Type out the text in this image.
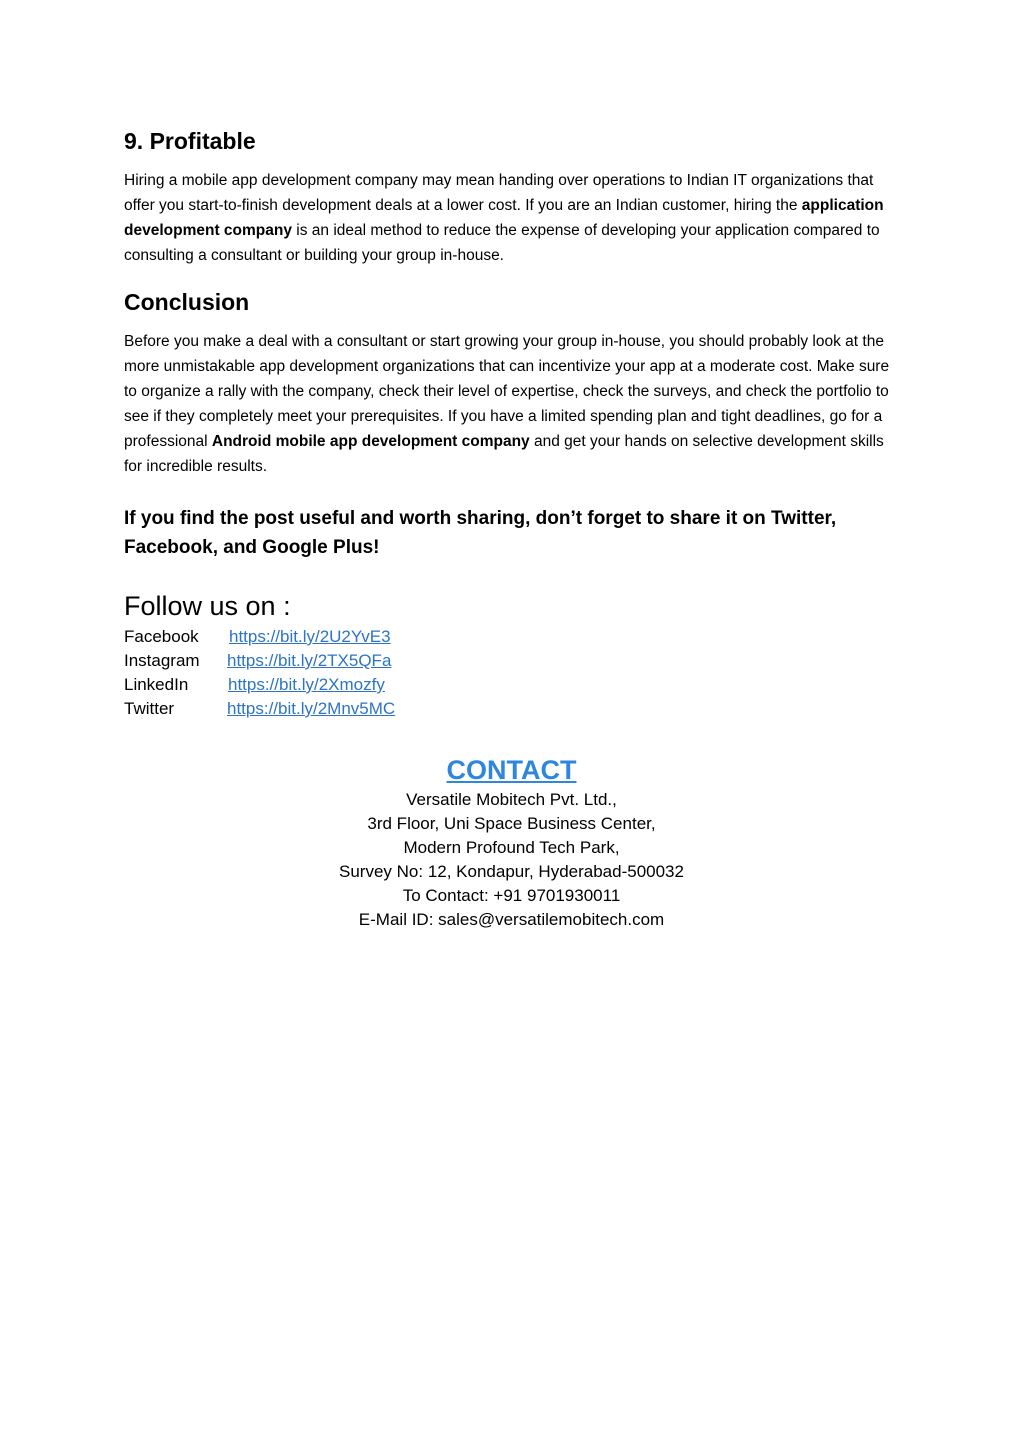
9. Profitable

Hiring a mobile app development company may mean handing over operations to Indian IT organizations that offer you start-to-finish development deals at a lower cost. If you are an Indian customer, hiring the application development company is an ideal method to reduce the expense of developing your application compared to consulting a consultant or building your group in-house.

Conclusion

Before you make a deal with a consultant or start growing your group in-house, you should probably look at the more unmistakable app development organizations that can incentivize your app at a moderate cost. Make sure to organize a rally with the company, check their level of expertise, check the surveys, and check the portfolio to see if they completely meet your prerequisites. If you have a limited spending plan and tight deadlines, go for a professional Android mobile app development company and get your hands on selective development skills for incredible results.

If you find the post useful and worth sharing, don’t forget to share it on Twitter, Facebook, and Google Plus!

Follow us on :
Facebook	https://bit.ly/2U2YvE3
Instagram	https://bit.ly/2TX5QFa
LinkedIn	https://bit.ly/2Xmozfy
Twitter	https://bit.ly/2Mnv5MC
CONTACT
Versatile Mobitech Pvt. Ltd.,
3rd Floor, Uni Space Business Center,
Modern Profound Tech Park,
Survey No: 12, Kondapur, Hyderabad-500032
To Contact: +91 9701930011
E-Mail ID: sales@versatilemobitech.com
